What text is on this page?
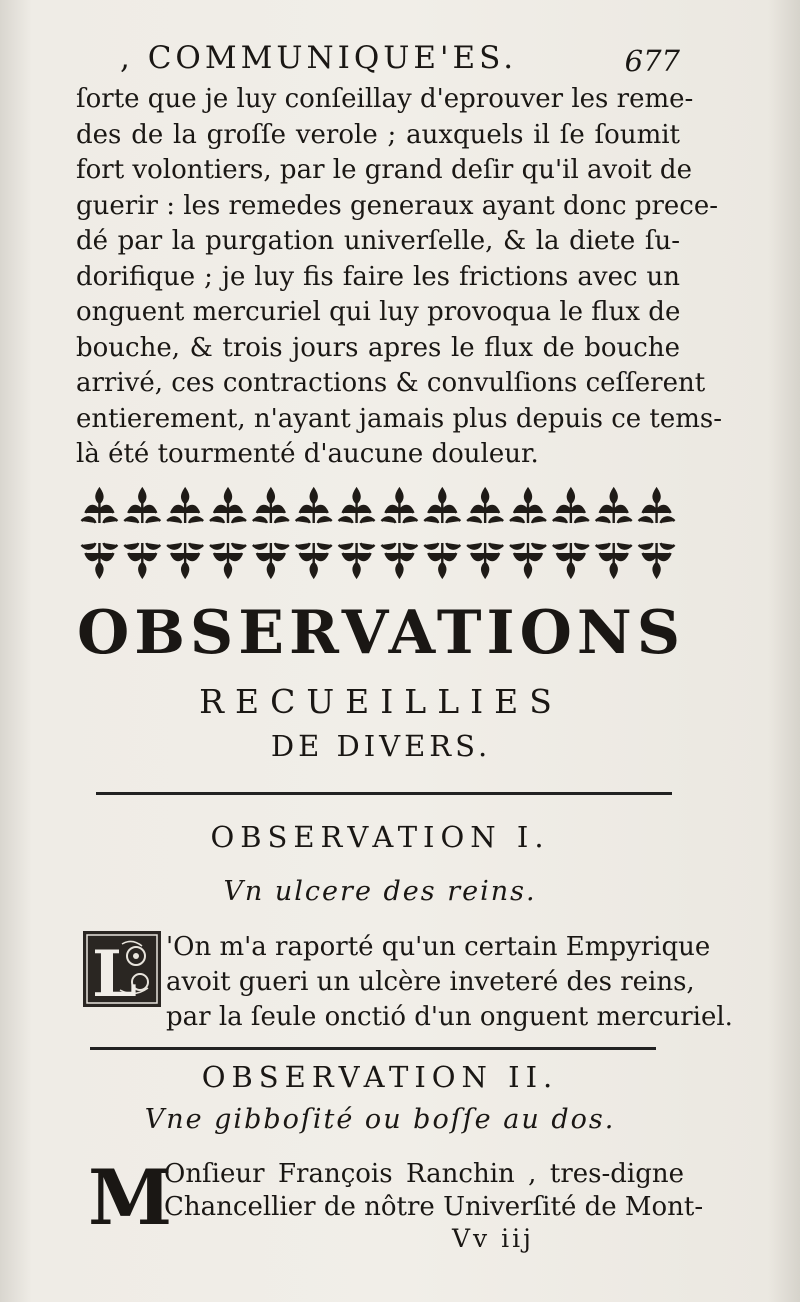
, COMMUNIQUE'ES.	677
ſorte que je luy conſeillay d'eprouver les reme-
des de la groſſe verole ; auxquels il ſe ſoumit
fort volontiers, par le grand deſir qu'il avoit de
guerir : les remedes generaux ayant donc prece-
dé par la purgation univerſelle, & la diete ſu-
dorifique ; je luy fis faire les frictions avec un
onguent mercuriel qui luy provoqua le flux de
bouche, & trois jours apres le flux de bouche
arrivé, ces contractions & convulſions ceſſerent
entierement, n'ayant jamais plus depuis ce tems-
là été tourmenté d'aucune douleur.
OBSERVATIONS
RECUEILLIES
DE DIVERS.
OBSERVATION I.
Vn ulcere des reins.
L 'On m'a raporté qu'un certain Empyrique
avoit gueri un ulcère inveteré des reins,
par la ſeule onctió d'un onguent mercuriel.
OBSERVATION II.
Vne gibboſité ou boſſe au dos.
M
Onſieur François Ranchin , tres-digne
Chancellier de nôtre Univerſité de Mont-
Vv iij
